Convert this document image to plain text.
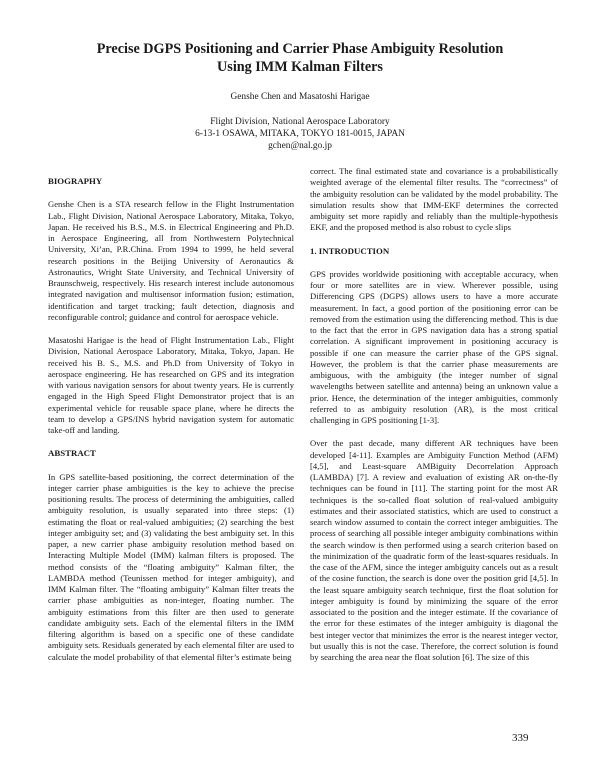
Precise DGPS Positioning and Carrier Phase Ambiguity Resolution
Using IMM Kalman Filters
Genshe Chen and Masatoshi Harigae
Flight Division, National Aerospace Laboratory
6-13-1 OSAWA, MITAKA, TOKYO 181-0015, JAPAN
gchen@nal.go.jp

BIOGRAPHY

Genshe Chen is a STA research fellow in the Flight Instrumentation Lab., Flight Division, National Aerospace Laboratory, Mitaka, Tokyo, Japan. He received his B.S., M.S. in Electrical Engineering and Ph.D. in Aerospace Engineering, all from Northwestern Polytechnical University, Xi’an, P.R.China. From 1994 to 1999, he held several research positions in the Beijing University of Aeronautics & Astronautics, Wright State University, and Technical University of Braunschweig, respectively. His research interest include autonomous integrated navigation and multisensor information fusion; estimation, identification and target tracking; fault detection, diagnosis and reconfigurable control; guidance and control for aerospace vehicle.

Masatoshi Harigae is the head of Flight Instrumentation Lab., Flight Division, National Aerospace Laboratory, Mitaka, Tokyo, Japan. He received his B. S., M.S. and Ph.D from University of Tokyo in aerospace engineering. He has researched on GPS and its integration with various navigation sensors for about twenty years. He is currently engaged in the High Speed Flight Demonstrator project that is an experimental vehicle for reusable space plane, where he directs the team to develop a GPS/INS hybrid navigation system for automatic take-off and landing.

ABSTRACT

In GPS satellite-based positioning, the correct determination of the integer carrier phase ambiguities is the key to achieve the precise positioning results. The process of determining the ambiguities, called ambiguity resolution, is usually separated into three steps: (1) estimating the float or real-valued ambiguities; (2) searching the best integer ambiguity set; and (3) validating the best ambiguity set. In this paper, a new carrier phase ambiguity resolution method based on Interacting Multiple Model (IMM) kalman filters is proposed. The method consists of the “floating ambiguity” Kalman filter, the LAMBDA method (Teunissen method for integer ambiguity), and IMM Kalman filter. The “floating ambiguity” Kalman filter treats the carrier phase ambiguities as non-integer, floating number. The ambiguity estimations from this filter are then used to generate candidate ambiguity sets. Each of the elemental filters in the IMM filtering algorithm is based on a specific one of these candidate ambiguity sets. Residuals generated by each elemental filter are used to calculate the model probability of that elemental filter’s estimate being

correct. The final estimated state and covariance is a probabilistically weighted average of the elemental filter results. The “correctness” of the ambiguity resolution can be validated by the model probability. The simulation results show that IMM-EKF determines the corrected ambiguity set more rapidly and reliably than the multiple-hypothesis EKF, and the proposed method is also robust to cycle slips

1. INTRODUCTION

GPS provides worldwide positioning with acceptable accuracy, when four or more satellites are in view. Wherever possible, using Differencing GPS (DGPS) allows users to have a more accurate measurement. In fact, a good portion of the positioning error can be removed from the estimation using the differencing method. This is due to the fact that the error in GPS navigation data has a strong spatial correlation. A significant improvement in positioning accuracy is possible if one can measure the carrier phase of the GPS signal. However, the problem is that the carrier phase measurements are ambiguous, with the ambiguity (the integer number of signal wavelengths between satellite and antenna) being an unknown value a prior. Hence, the determination of the integer ambiguities, commonly referred to as ambiguity resolution (AR), is the most critical challenging in GPS positioning [1-3].

Over the past decade, many different AR techniques have been developed [4-11]. Examples are Ambiguity Function Method (AFM) [4,5], and Least-square AMBiguity Decorrelation Approach (LAMBDA) [7]. A review and evaluation of existing AR on-the-fly techniques can be found in [11]. The starting point for the most AR techniques is the so-called float solution of real-valued ambiguity estimates and their associated statistics, which are used to construct a search window assumed to contain the correct integer ambiguities. The process of searching all possible integer ambiguity combinations within the search window is then performed using a search criterion based on the minimization of the quadratic form of the least-squares residuals. In the case of the AFM, since the integer ambiguity cancels out as a result of the cosine function, the search is done over the position grid [4,5]. In the least square ambiguity search technique, first the float solution for integer ambiguity is found by minimizing the square of the error associated to the position and the integer estimate. If the covariance of the error for these estimates of the integer ambiguity is diagonal the best integer vector that minimizes the error is the nearest integer vector, but usually this is not the case. Therefore, the correct solution is found by searching the area near the float solution [6]. The size of this

339
